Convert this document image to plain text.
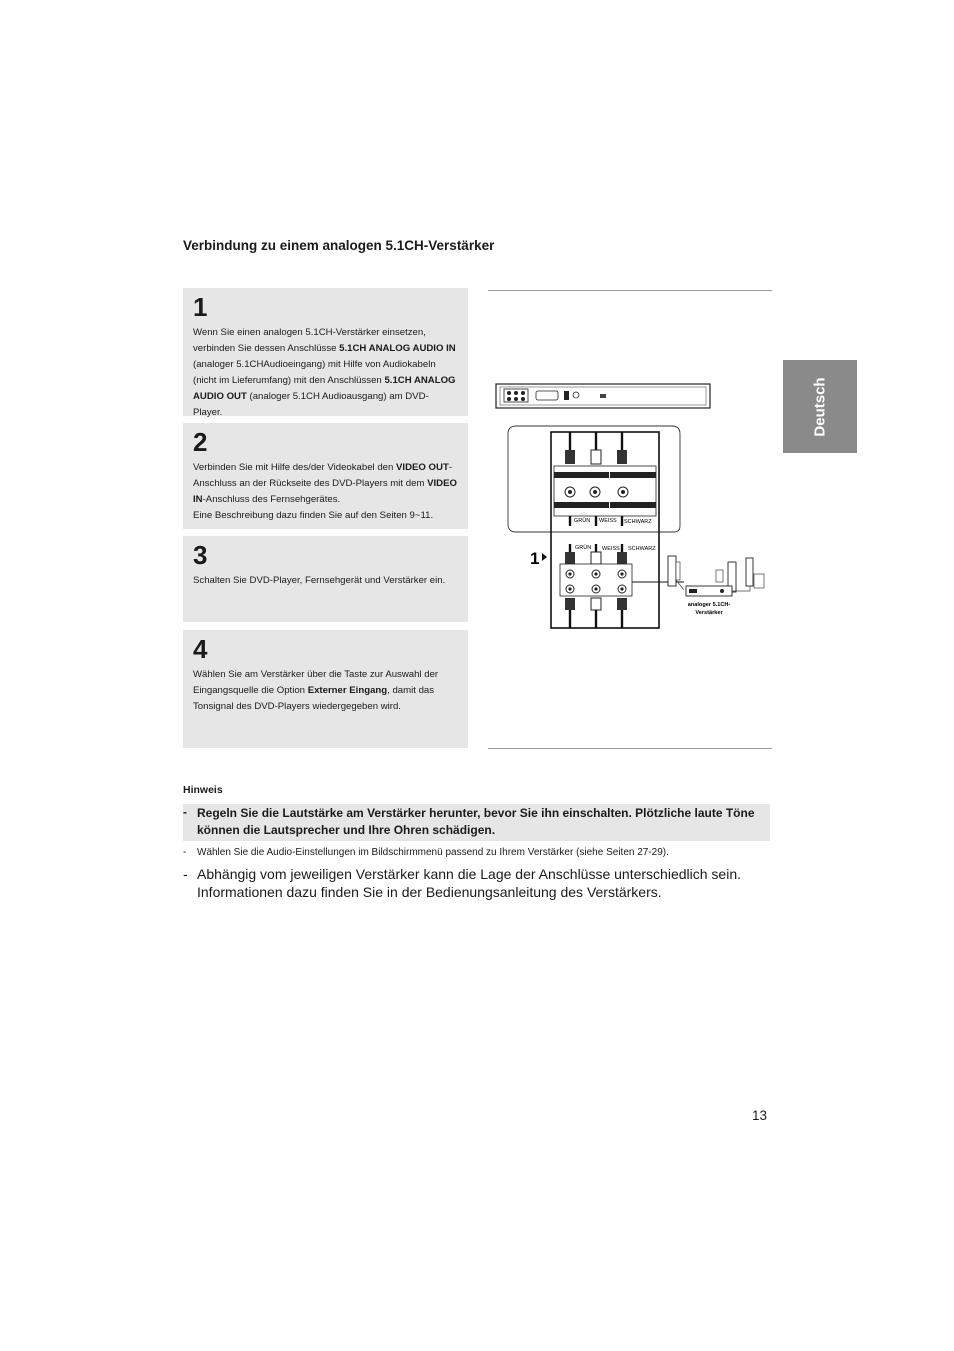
Verbindung zu einem analogen 5.1CH-Verstärker
Deutsch

1

Wenn Sie einen analogen 5.1CH-Verstärker einsetzen, verbinden Sie dessen Anschlüsse 5.1CH ANALOG AUDIO IN (analoger 5.1CHAudioeingang) mit Hilfe von Audiokabeln (nicht im Lieferumfang) mit den Anschlüssen 5.1CH ANALOG AUDIO OUT (analoger 5.1CH Audioausgang) am DVD-Player.

2

Verbinden Sie mit Hilfe des/der Videokabel den VIDEO OUT-Anschluss an der Rückseite des DVD-Players mit dem VIDEO IN-Anschluss des Fernsehgerätes.
Eine Beschreibung dazu finden Sie auf den Seiten 9~11.

3

Schalten Sie DVD-Player, Fernsehgerät und Verstärker ein.

4

Wählen Sie am Verstärker über die Taste zur Auswahl der Eingangsquelle die Option Externer Eingang, damit das Tonsignal des DVD-Players wiedergegeben wird.

GRÜN WEISS SCHWARZ
1
GRÜN WEISS SCHWARZ
analoger 5.1CH-
Verstärker
Hinweis
- Regeln Sie die Lautstärke am Verstärker herunter, bevor Sie ihn einschalten. Plötzliche laute Töne können die Lautsprecher und Ihre Ohren schädigen.

-	Wählen Sie die Audio-Einstellungen im Bildschirmmenü passend zu Ihrem Verstärker (siehe Seiten 27-29).
- Abhängig vom jeweiligen Verstärker kann die Lage der Anschlüsse unterschiedlich sein. Informationen dazu finden Sie in der Bedienungsanleitung des Verstärkers.
13
